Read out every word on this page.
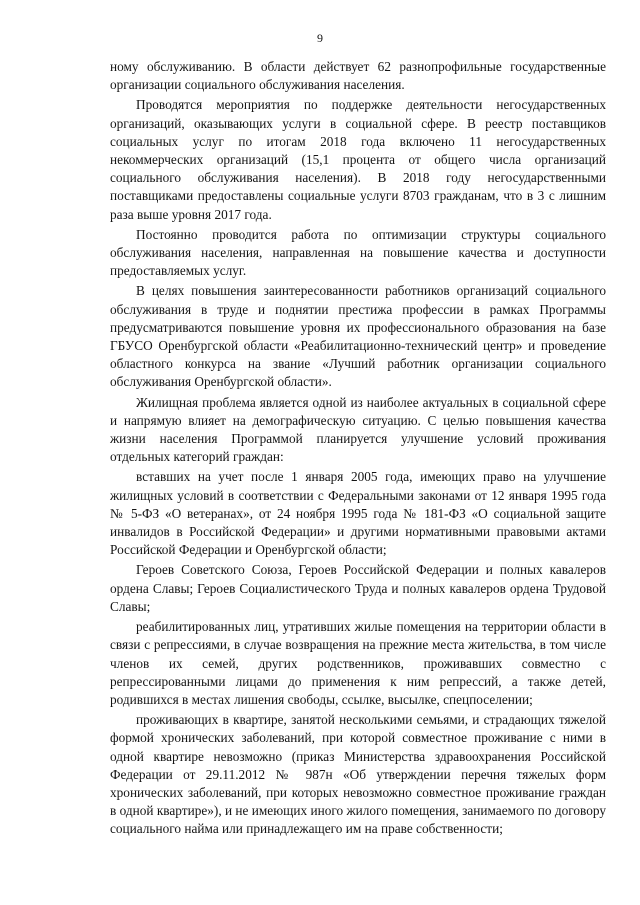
9

ному обслуживанию. В области действует 62 разнопрофильные государственные организации социального обслуживания населения.

Проводятся мероприятия по поддержке деятельности негосударственных организаций, оказывающих услуги в социальной сфере. В реестр поставщиков социальных услуг по итогам 2018 года включено 11 негосударственных некоммерческих организаций (15,1 процента от общего числа организаций социального обслуживания населения). В 2018 году негосударственными поставщиками предоставлены социальные услуги 8703 гражданам, что в 3 с лишним раза выше уровня 2017 года.

Постоянно проводится работа по оптимизации структуры социального обслуживания населения, направленная на повышение качества и доступности предоставляемых услуг.

В целях повышения заинтересованности работников организаций социального обслуживания в труде и поднятии престижа профессии в рамках Программы предусматриваются повышение уровня их профессионального образования на базе ГБУСО Оренбургской области «Реабилитационно-технический центр» и проведение областного конкурса на звание «Лучший работник организации социального обслуживания Оренбургской области».

Жилищная проблема является одной из наиболее актуальных в социальной сфере и напрямую влияет на демографическую ситуацию. С целью повышения качества жизни населения Программой планируется улучшение условий проживания отдельных категорий граждан:

вставших на учет после 1 января 2005 года, имеющих право на улучшение жилищных условий в соответствии с Федеральными законами от 12 января 1995 года № 5-ФЗ «О ветеранах», от 24 ноября 1995 года № 181-ФЗ «О социальной защите инвалидов в Российской Федерации» и другими нормативными правовыми актами Российской Федерации и Оренбургской области;

Героев Советского Союза, Героев Российской Федерации и полных кавалеров ордена Славы; Героев Социалистического Труда и полных кавалеров ордена Трудовой Славы;

реабилитированных лиц, утративших жилые помещения на территории области в связи с репрессиями, в случае возвращения на прежние места жительства, в том числе членов их семей, других родственников, проживавших совместно с репрессированными лицами до применения к ним репрессий, а также детей, родившихся в местах лишения свободы, ссылке, высылке, спецпоселении;

проживающих в квартире, занятой несколькими семьями, и страдающих тяжелой формой хронических заболеваний, при которой совместное проживание с ними в одной квартире невозможно (приказ Министерства здравоохранения Российской Федерации от 29.11.2012 № 987н «Об утверждении перечня тяжелых форм хронических заболеваний, при которых невозможно совместное проживание граждан в одной квартире»), и не имеющих иного жилого помещения, занимаемого по договору социального найма или принадлежащего им на праве собственности;
